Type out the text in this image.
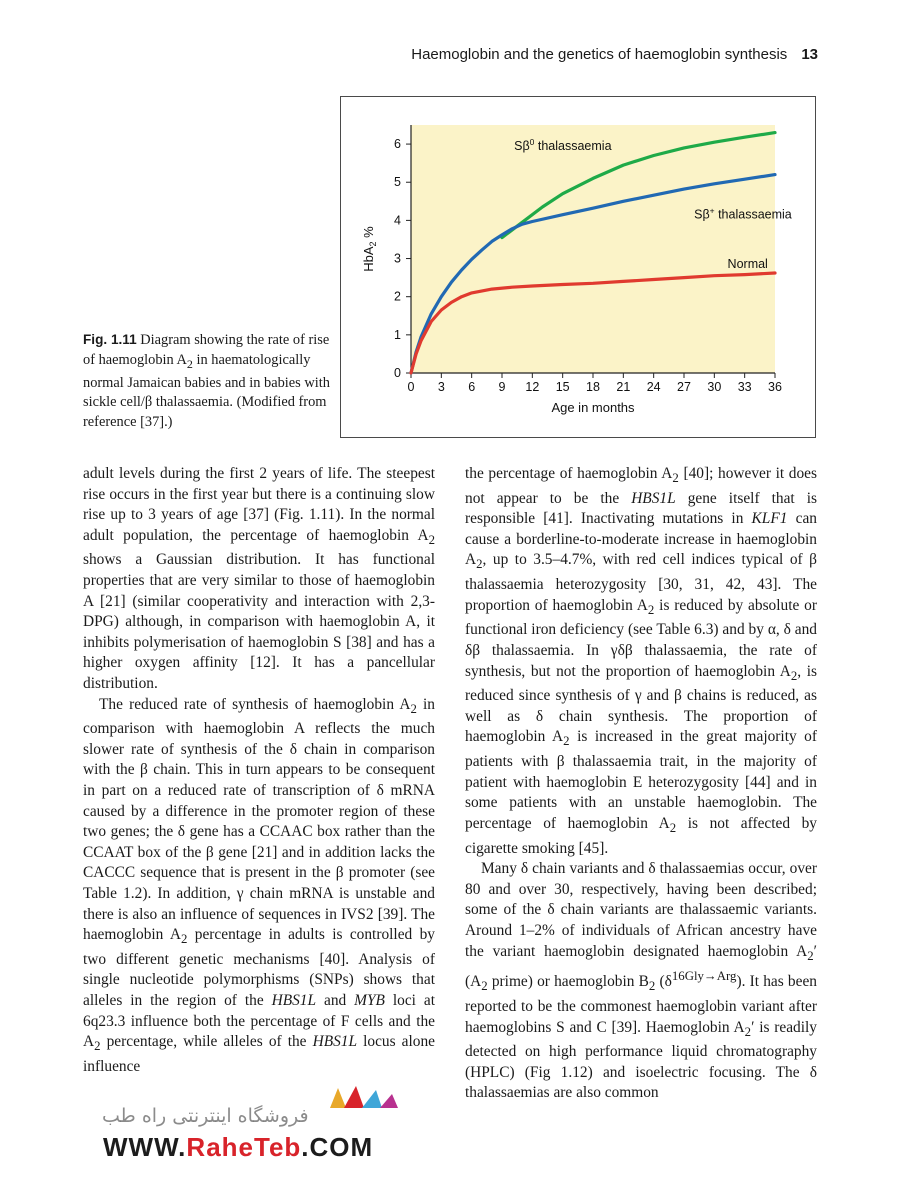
Haemoglobin and the genetics of haemoglobin synthesis 13
0 3 6 9 12 15 18 21 24 27 30 33 36
0
1
2
3
4
5
6
Age in months
HbA$_2$ %
$S\beta^0$ thalassaemia
Sβ+ thalassaemia
Normal
Fig. 1.11 Diagram showing the rate of rise of haemoglobin $A_2$ in haematologically normal Jamaican babies and in babies with sickle cell/β thalassaemia. (Modified from reference [37].)

adult levels during the first 2 years of life. The steepest rise occurs in the first year but there is a continuing slow rise up to 3 years of age [37] (Fig. 1.11). In the normal adult population, the percentage of haemoglobin $A_2$ shows a Gaussian distribution. It has functional properties that are very similar to those of haemoglobin A [21] (similar cooperativity and interaction with 2,3-DPG) although, in comparison with haemoglobin A, it inhibits polymerisation of haemoglobin S [38] and has a higher oxygen affinity [12]. It has a pancellular distribution.

The reduced rate of synthesis of haemoglobin $A_2$ in comparison with haemoglobin A reflects the much slower rate of synthesis of the δ chain in comparison with the β chain. This in turn appears to be consequent in part on a reduced rate of transcription of δ mRNA caused by a difference in the promoter region of these two genes; the δ gene has a CCAAC box rather than the CCAAT box of the β gene [21] and in addition lacks the CACCC sequence that is present in the β promoter (see Table 1.2). In addition, γ chain mRNA is unstable and there is also an influence of sequences in IVS2 [39]. The haemoglobin $A_2$ percentage in adults is controlled by two different genetic mechanisms [40]. Analysis of single nucleotide polymorphisms (SNPs) shows that alleles in the region of the HBS1L and MYB loci at 6q23.3 influence both the percentage of F cells and the $A_2$ percentage, while alleles of the HBS1L locus alone influence

the percentage of haemoglobin $A_2$ [40]; however it does not appear to be the HBS1L gene itself that is responsible [41]. Inactivating mutations in KLF1 can cause a borderline-to-moderate increase in haemoglobin $A_2$, up to 3.5–4.7%, with red cell indices typical of β thalassaemia heterozygosity [30, 31, 42, 43]. The proportion of haemoglobin $A_2$ is reduced by absolute or functional iron deficiency (see Table 6.3) and by α, δ and δβ thalassaemia. In γδβ thalassaemia, the rate of synthesis, but not the proportion of haemoglobin $A_2$, is reduced since synthesis of γ and β chains is reduced, as well as δ chain synthesis. The proportion of haemoglobin $A_2$ is increased in the great majority of patients with β thalassaemia trait, in the majority of patient with haemoglobin E heterozygosity [44] and in some patients with an unstable haemoglobin. The percentage of haemoglobin $A_2$ is not affected by cigarette smoking [45].

Many δ chain variants and δ thalassaemias occur, over 80 and over 30, respectively, having been described; some of the δ chain variants are thalassaemic variants. Around 1–2% of individuals of African ancestry have the variant haemoglobin designated haemoglobin $A_2'$ ($A_2$ prime) or haemoglobin $B_2$ $(\delta^{16Gly\to Arg})$. It has been reported to be the commonest haemoglobin variant after haemoglobins S and C [39]. Haemoglobin $A_2'$ is readily detected on high performance liquid chromatography (HPLC) (Fig 1.12) and isoelectric focusing. The δ thalassaemias are also common

فروشگاه اینترنتی راه طب
WWW.RaheTeb.COM
